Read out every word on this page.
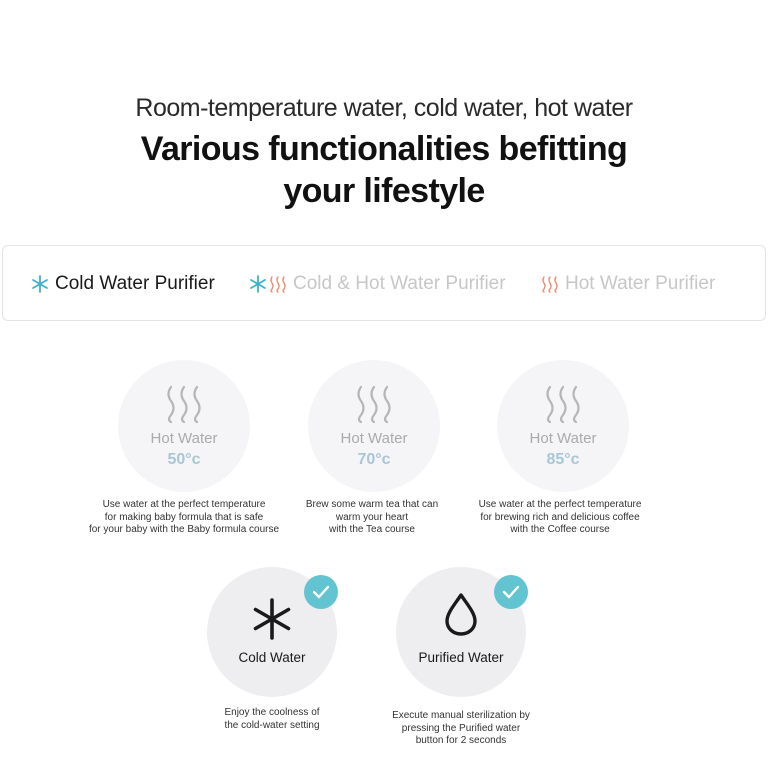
Room-temperature water, cold water, hot water
Various functionalities befitting
your lifestyle
Cold Water Purifier	Cold & Hot Water Purifier	Hot Water Purifier
Hot Water
50°c
Hot Water
70°c
Hot Water
85°c
Use water at the perfect temperature
for making baby formula that is safe
for your baby with the Baby formula course
Brew some warm tea that can
warm your heart
with the Tea course
Use water at the perfect temperature
for brewing rich and delicious coffee
with the Coffee course
Cold Water	Purified Water
Enjoy the coolness of
the cold-water setting
Execute manual sterilization by
pressing the Purified water
button for 2 seconds
